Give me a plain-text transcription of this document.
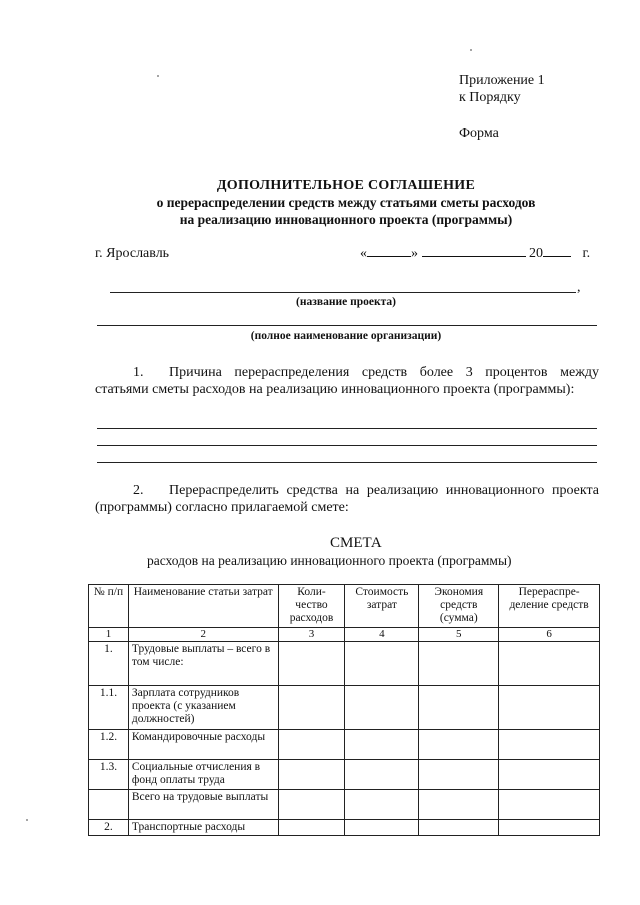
Приложение 1
к Порядку
Форма
ДОПОЛНИТЕЛЬНОЕ СОГЛАШЕНИЕ
о перераспределении средств между статьями сметы расходов
на реализацию инновационного проекта (программы)
г. Ярославль	«	»	20	г.
,
(название проекта)
(полное наименование организации)
1. Причина перераспределения средств более 3 процентов между статьями сметы расходов на реализацию инновационного проекта (программы):
2. Перераспределить средства на реализацию инновационного проекта (программы) согласно прилагаемой смете:
СМЕТА
расходов на реализацию инновационного проекта (программы)
№ п/п	Наименование статьи затрат	Коли-чество расходов	Стоимость затрат	Экономия средств (сумма)	Перераспре-деление средств
1	2	3	4	5	6
1.	Трудовые выплаты – всего в том числе:				
1.1.	Зарплата сотрудников проекта (с указанием должностей)				
1.2.	Командировочные расходы				
1.3.	Социальные отчисления в фонд оплаты труда				
	Всего на трудовые выплаты				
2.	Транспортные расходы				
